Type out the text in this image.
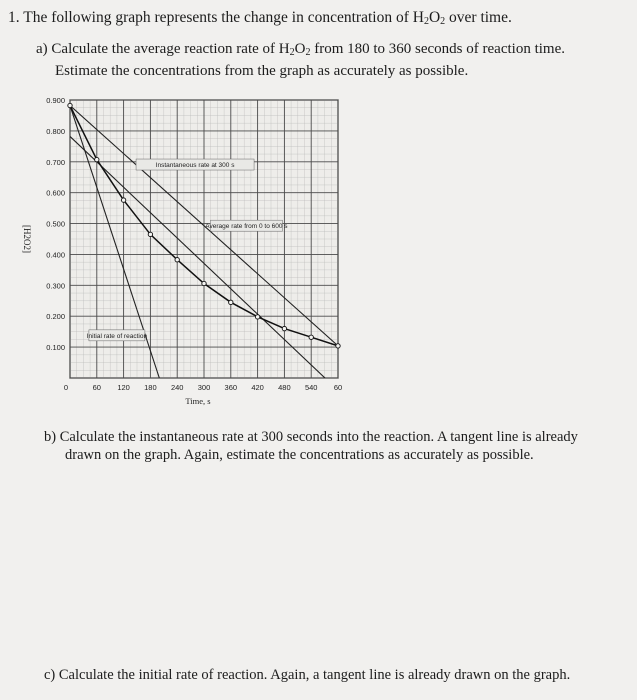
1. The following graph represents the change in concentration of $H_2O_2$ over time.
a) Calculate the average reaction rate of $H_2O_2$ from 180 to 360 seconds of reaction time.
Estimate the concentrations from the graph as accurately as possible.
b) Calculate the instantaneous rate at 300 seconds into the reaction. A tangent line is already
drawn on the graph. Again, estimate the concentrations as accurately as possible.
c) Calculate the initial rate of reaction. Again, a tangent line is already drawn on the graph.
0.900
0.800
0.700
0.600
0.500
0.400
0.300
0.200
0.100
0	60 120 180 240 300 360 420 480 540 60
Time, s
[H2O2]
Instantaneous rate at 300 s
Average rate from 0 to 600 s
Initial rate of reaction
